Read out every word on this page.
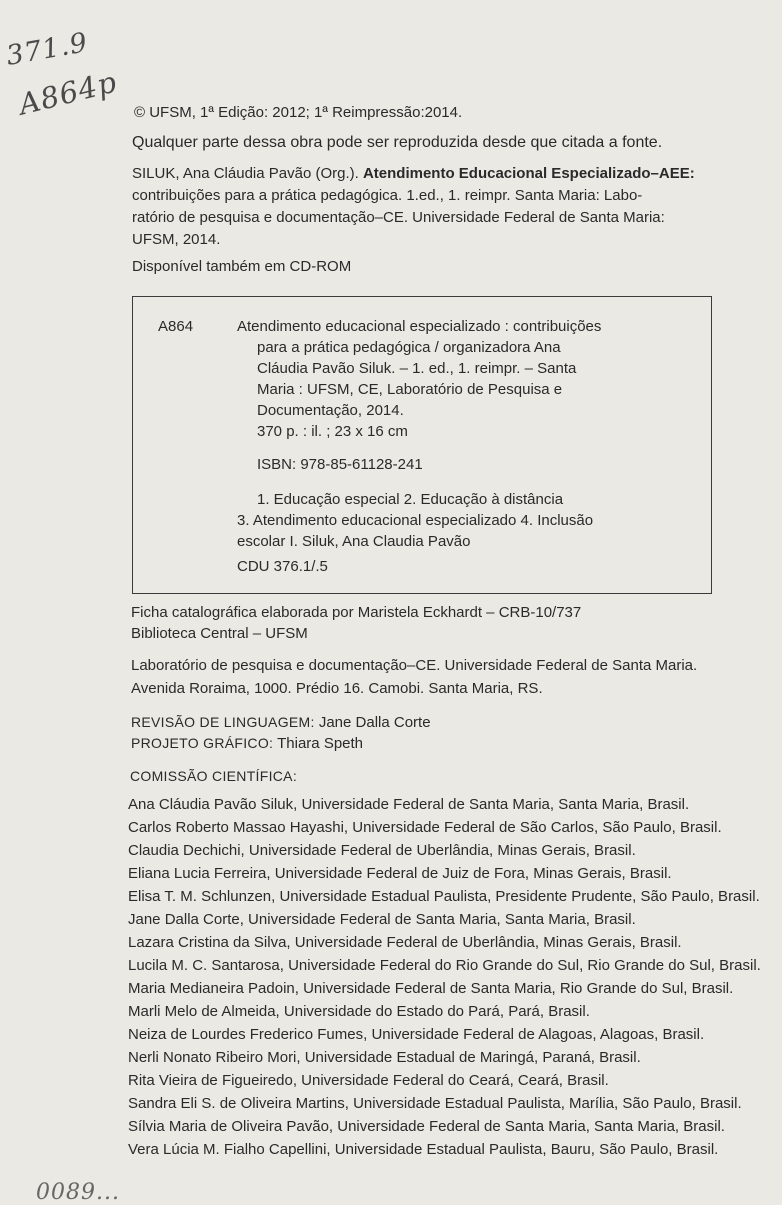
371.9
A864p © UFSM, 1ª Edição: 2012; 1ª Reimpressão:2014.
Qualquer parte dessa obra pode ser reproduzida desde que citada a fonte.
SILUK, Ana Cláudia Pavão (Org.). Atendimento Educacional Especializado–AEE:
contribuições para a prática pedagógica. 1.ed., 1. reimpr. Santa Maria: Labo-
ratório de pesquisa e documentação–CE. Universidade Federal de Santa Maria:
UFSM, 2014.
Disponível também em CD-ROM
A864	Atendimento educacional especializado : contribuições
para a prática pedagógica / organizadora Ana
Cláudia Pavão Siluk. – 1. ed., 1. reimpr. – Santa
Maria : UFSM, CE, Laboratório de Pesquisa e
Documentação, 2014.
370 p. : il. ; 23 x 16 cm
ISBN: 978-85-61128-241
1. Educação especial 2. Educação à distância
3. Atendimento educacional especializado 4. Inclusão
escolar I. Siluk, Ana Claudia Pavão
CDU 376.1/.5
Ficha catalográfica elaborada por Maristela Eckhardt – CRB-10/737
Biblioteca Central – UFSM
Laboratório de pesquisa e documentação–CE. Universidade Federal de Santa Maria.
Avenida Roraima, 1000. Prédio 16. Camobi. Santa Maria, RS.
REVISÃO DE LINGUAGEM: Jane Dalla Corte
PROJETO GRÁFICO: Thiara Speth
COMISSÃO CIENTÍFICA:
Ana Cláudia Pavão Siluk, Universidade Federal de Santa Maria, Santa Maria, Brasil.
Carlos Roberto Massao Hayashi, Universidade Federal de São Carlos, São Paulo, Brasil.
Claudia Dechichi, Universidade Federal de Uberlândia, Minas Gerais, Brasil.
Eliana Lucia Ferreira, Universidade Federal de Juiz de Fora, Minas Gerais, Brasil.
Elisa T. M. Schlunzen, Universidade Estadual Paulista, Presidente Prudente, São Paulo, Brasil.
Jane Dalla Corte, Universidade Federal de Santa Maria, Santa Maria, Brasil.
Lazara Cristina da Silva, Universidade Federal de Uberlândia, Minas Gerais, Brasil.
Lucila M. C. Santarosa, Universidade Federal do Rio Grande do Sul, Rio Grande do Sul, Brasil.
Maria Medianeira Padoin, Universidade Federal de Santa Maria, Rio Grande do Sul, Brasil.
Marli Melo de Almeida, Universidade do Estado do Pará, Pará, Brasil.
Neiza de Lourdes Frederico Fumes, Universidade Federal de Alagoas, Alagoas, Brasil.
Nerli Nonato Ribeiro Mori, Universidade Estadual de Maringá, Paraná, Brasil.
Rita Vieira de Figueiredo, Universidade Federal do Ceará, Ceará, Brasil.
Sandra Eli S. de Oliveira Martins, Universidade Estadual Paulista, Marília, São Paulo, Brasil.
Sílvia Maria de Oliveira Pavão, Universidade Federal de Santa Maria, Santa Maria, Brasil.
Vera Lúcia M. Fialho Capellini, Universidade Estadual Paulista, Bauru, São Paulo, Brasil.
0089...
